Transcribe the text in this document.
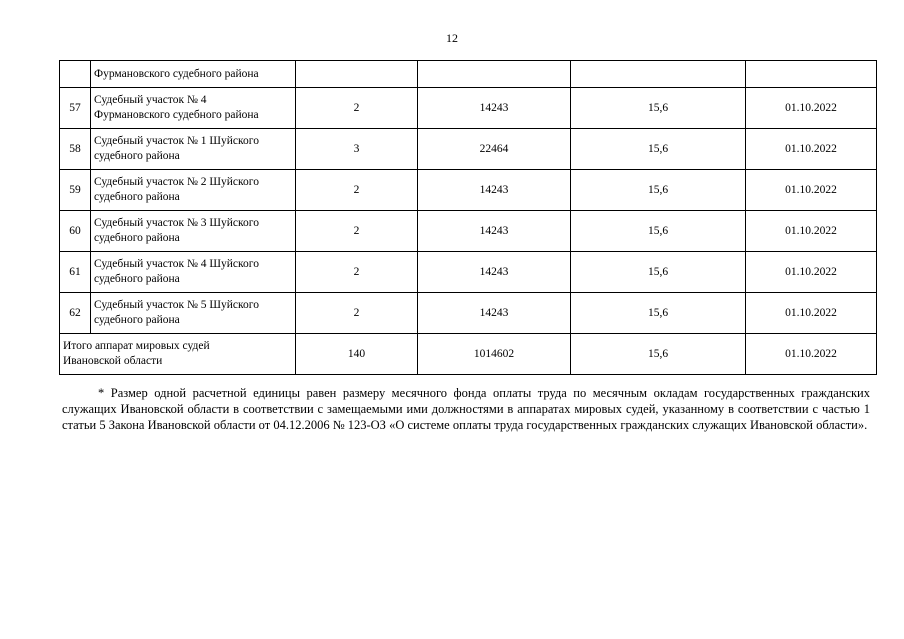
12
	Фурмановского судебного района				
57	Судебный участок № 4
Фурмановского судебного района	2	14243	15,6	01.10.2022
58	Судебный участок № 1 Шуйского
судебного района	3	22464	15,6	01.10.2022
59	Судебный участок № 2 Шуйского
судебного района	2	14243	15,6	01.10.2022
60	Судебный участок № 3 Шуйского
судебного района	2	14243	15,6	01.10.2022
61	Судебный участок № 4 Шуйского
судебного района	2	14243	15,6	01.10.2022
62	Судебный участок № 5 Шуйского
судебного района	2	14243	15,6	01.10.2022

Итого аппарат мировых судей
Ивановской области		140	1014602	15,6	01.10.2022

* Размер одной расчетной единицы равен размеру месячного фонда оплаты труда по месячным окладам государственных гражданских служащих Ивановской области в соответствии с замещаемыми ими должностями в аппаратах мировых судей, указанному в соответствии с частью 1 статьи 5 Закона Ивановской области от 04.12.2006 № 123-ОЗ «О системе оплаты труда государственных гражданских служащих Ивановской области».
